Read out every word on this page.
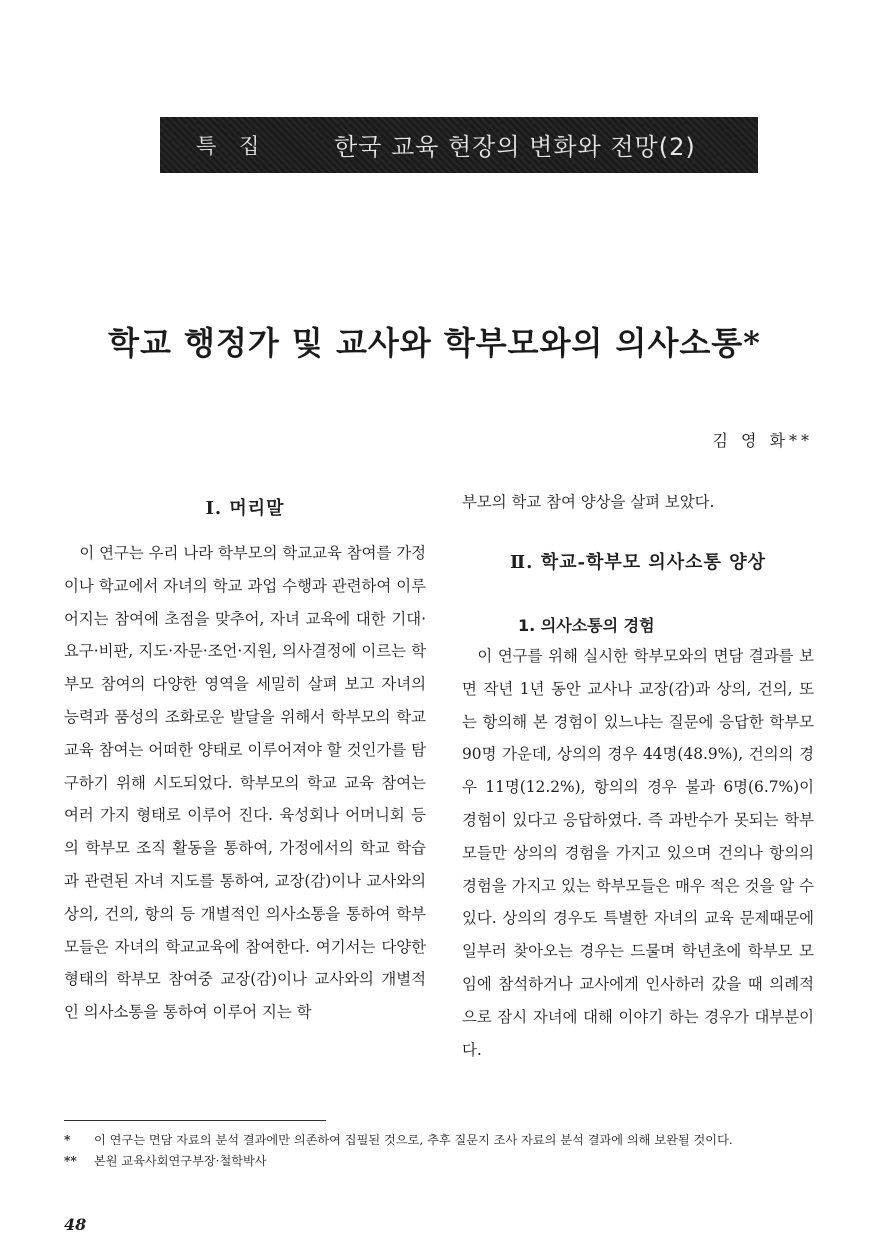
특 집	한국 교육 현장의 변화와 전망(2)
학교 행정가 및 교사와 학부모와의 의사소통*
김 영 화**
Ⅰ. 머리말

이 연구는 우리 나라 학부모의 학교교육 참여를 가정이나 학교에서 자녀의 학교 과업 수행과 관련하여 이루어지는 참여에 초점을 맞추어, 자녀 교육에 대한 기대·요구·비판, 지도·자문·조언·지원, 의사결정에 이르는 학부모 참여의 다양한 영역을 세밀히 살펴 보고 자녀의 능력과 품성의 조화로운 발달을 위해서 학부모의 학교교육 참여는 어떠한 양태로 이루어져야 할 것인가를 탐구하기 위해 시도되었다. 학부모의 학교 교육 참여는 여러 가지 형태로 이루어 진다. 육성회나 어머니회 등의 학부모 조직 활동을 통하여, 가정에서의 학교 학습과 관련된 자녀 지도를 통하여, 교장(감)이나 교사와의 상의, 건의, 항의 등 개별적인 의사소통을 통하여 학부모들은 자녀의 학교교육에 참여한다. 여기서는 다양한 형태의 학부모 참여중 교장(감)이나 교사와의 개별적인 의사소통을 통하여 이루어 지는 학

부모의 학교 참여 양상을 살펴 보았다.
Ⅱ. 학교-학부모 의사소통 양상
1. 의사소통의 경험

이 연구를 위해 실시한 학부모와의 면담 결과를 보면 작년 1년 동안 교사나 교장(감)과 상의, 건의, 또는 항의해 본 경험이 있느냐는 질문에 응답한 학부모 90명 가운데, 상의의 경우 44명(48.9%), 건의의 경우 11명(12.2%), 항의의 경우 불과 6명(6.7%)이 경험이 있다고 응답하였다. 즉 과반수가 못되는 학부모들만 상의의 경험을 가지고 있으며 건의나 항의의 경험을 가지고 있는 학부모들은 매우 적은 것을 알 수 있다. 상의의 경우도 특별한 자녀의 교육 문제때문에 일부러 찾아오는 경우는 드물며 학년초에 학부모 모임에 참석하거나 교사에게 인사하러 갔을 때 의례적으로 잠시 자녀에 대해 이야기 하는 경우가 대부분이다.

* 이 연구는 면담 자료의 분석 결과에만 의존하여 집필된 것으로, 추후 질문지 조사 자료의 분석 결과에 의해 보완될 것이다.
** 본원 교육사회연구부장·철학박사
48
